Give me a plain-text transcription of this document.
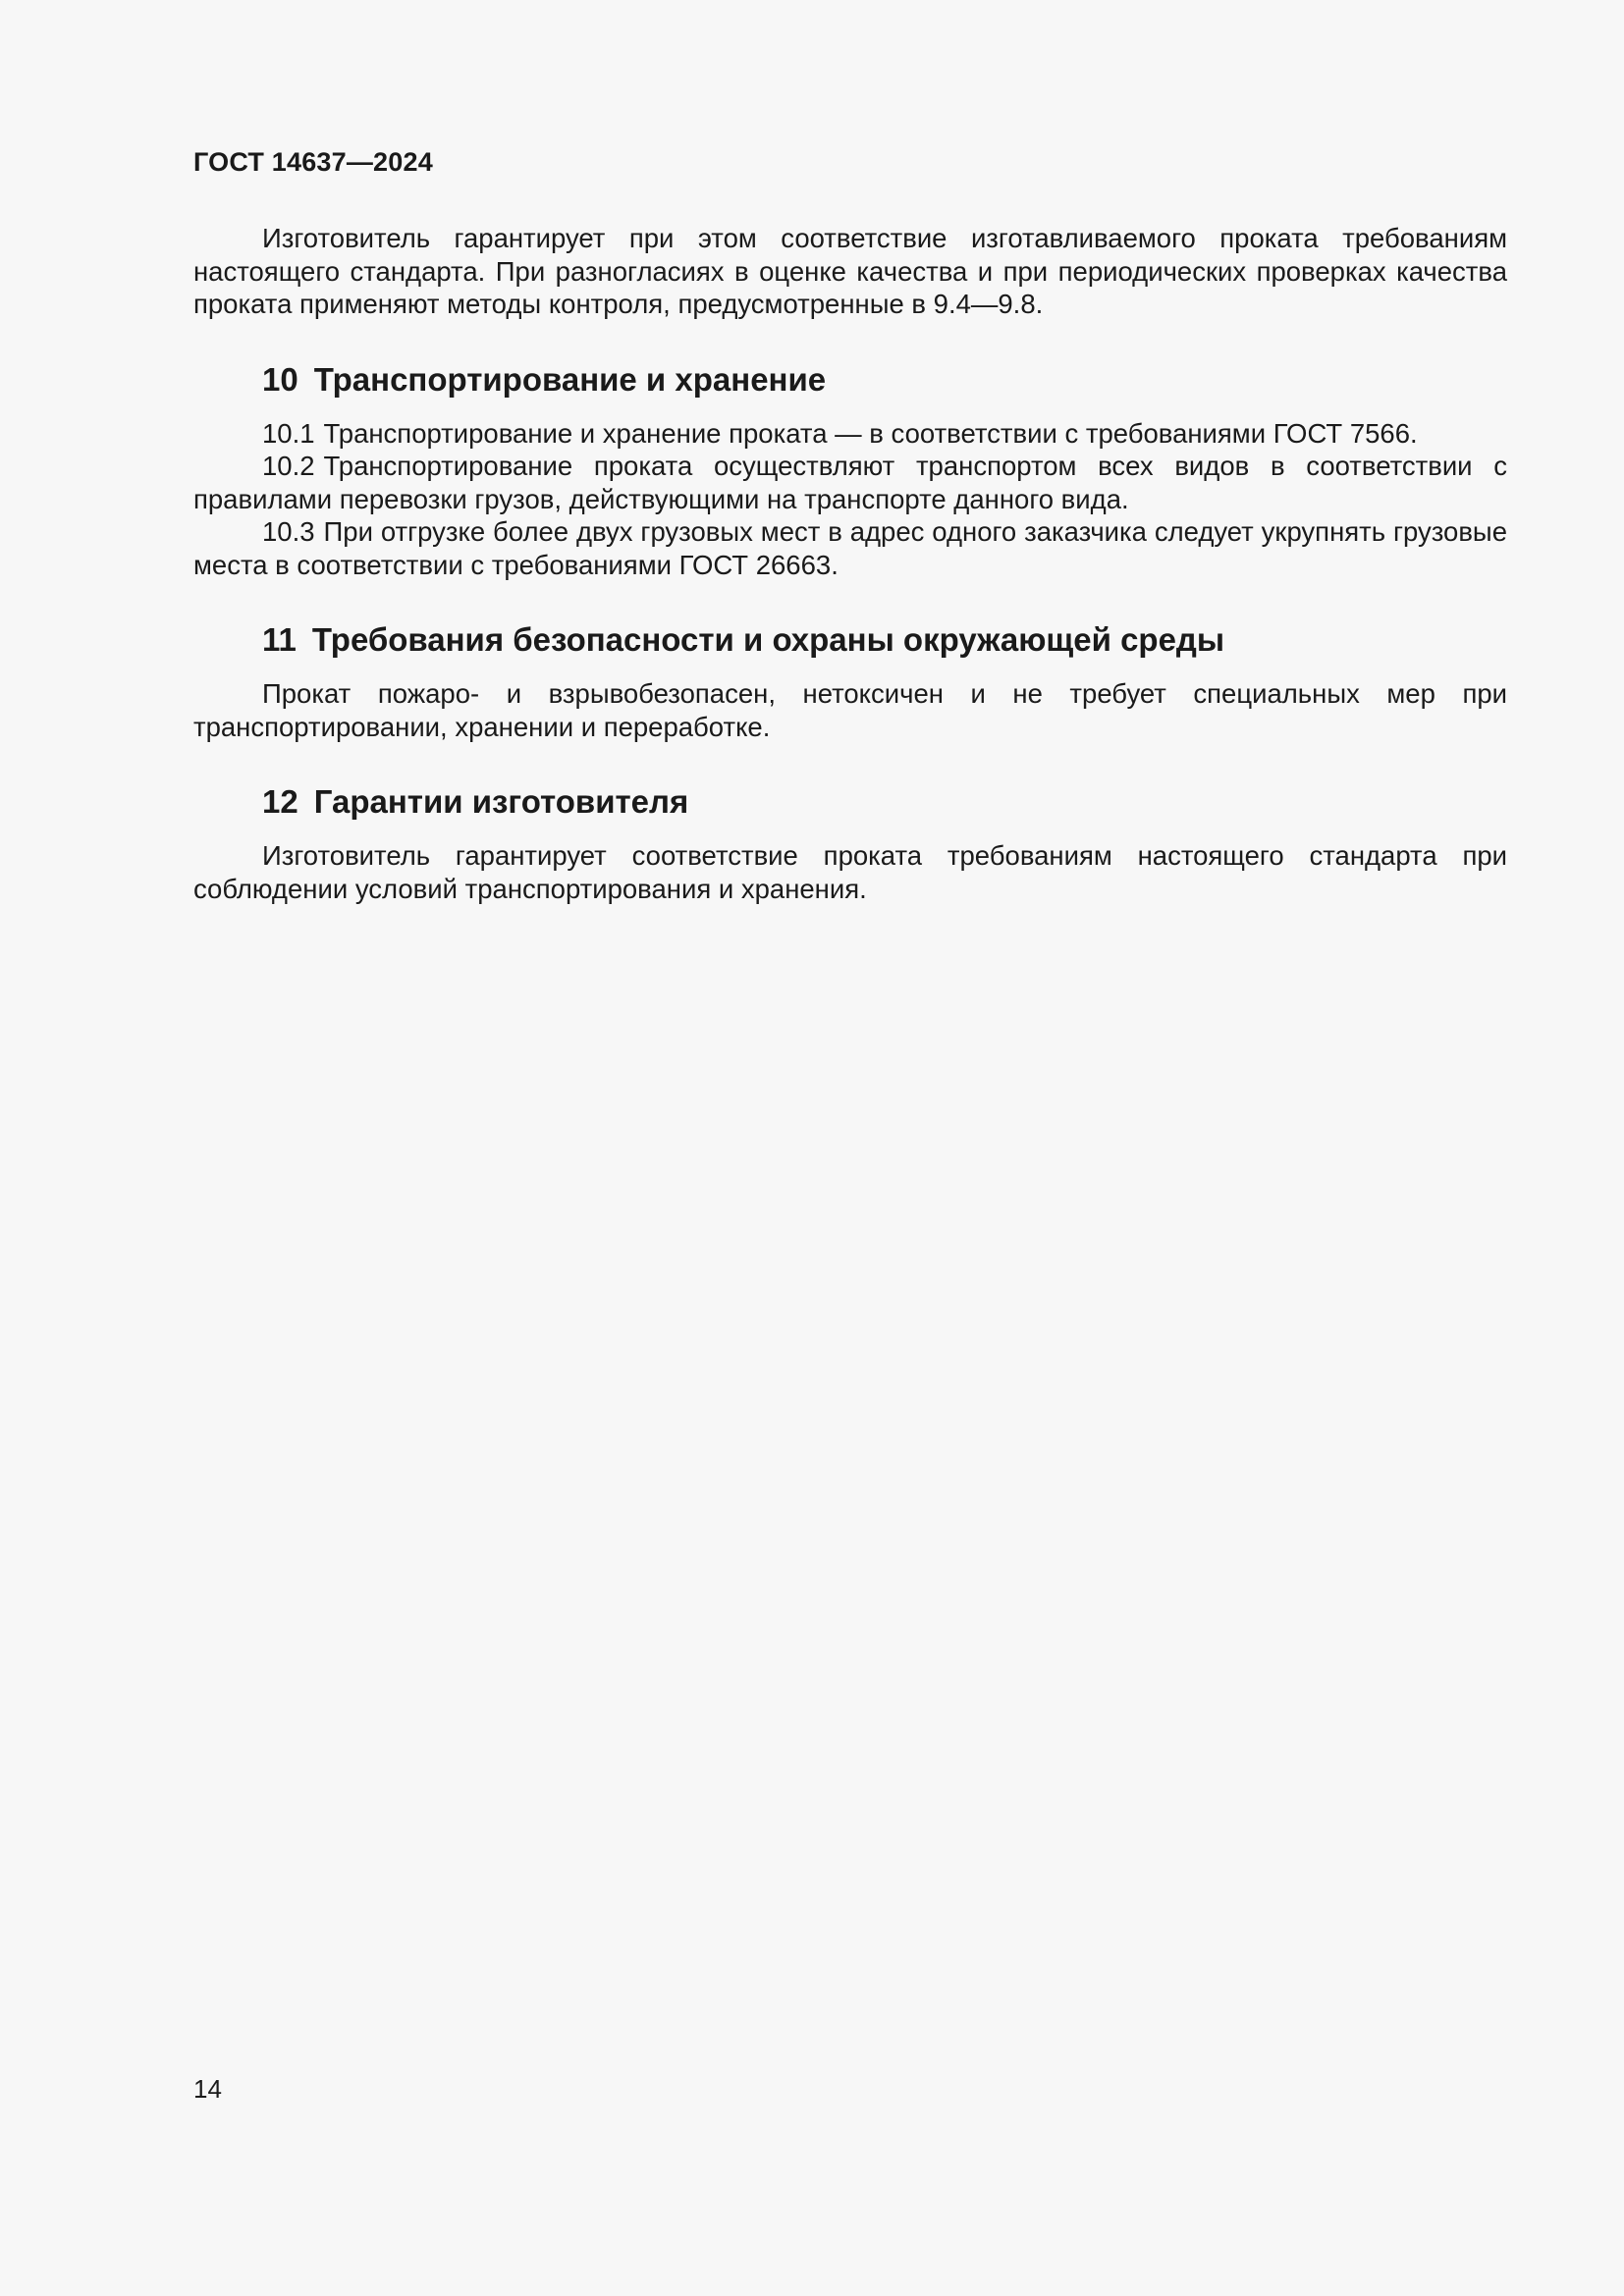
ГОСТ 14637—2024

Изготовитель гарантирует при этом соответствие изготавливаемого проката требованиям настоящего стандарта. При разногласиях в оценке качества и при периодических проверках качества проката применяют методы контроля, предусмотренные в 9.4—9.8.

10 Транспортирование и хранение

10.1 Транспортирование и хранение проката — в соответствии с требованиями ГОСТ 7566.

10.2 Транспортирование проката осуществляют транспортом всех видов в соответствии с правилами перевозки грузов, действующими на транспорте данного вида.

10.3 При отгрузке более двух грузовых мест в адрес одного заказчика следует укрупнять грузовые места в соответствии с требованиями ГОСТ 26663.

11 Требования безопасности и охраны окружающей среды

Прокат пожаро- и взрывобезопасен, нетоксичен и не требует специальных мер при транспортировании, хранении и переработке.

12 Гарантии изготовителя

Изготовитель гарантирует соответствие проката требованиям настоящего стандарта при соблюдении условий транспортирования и хранения.

14
